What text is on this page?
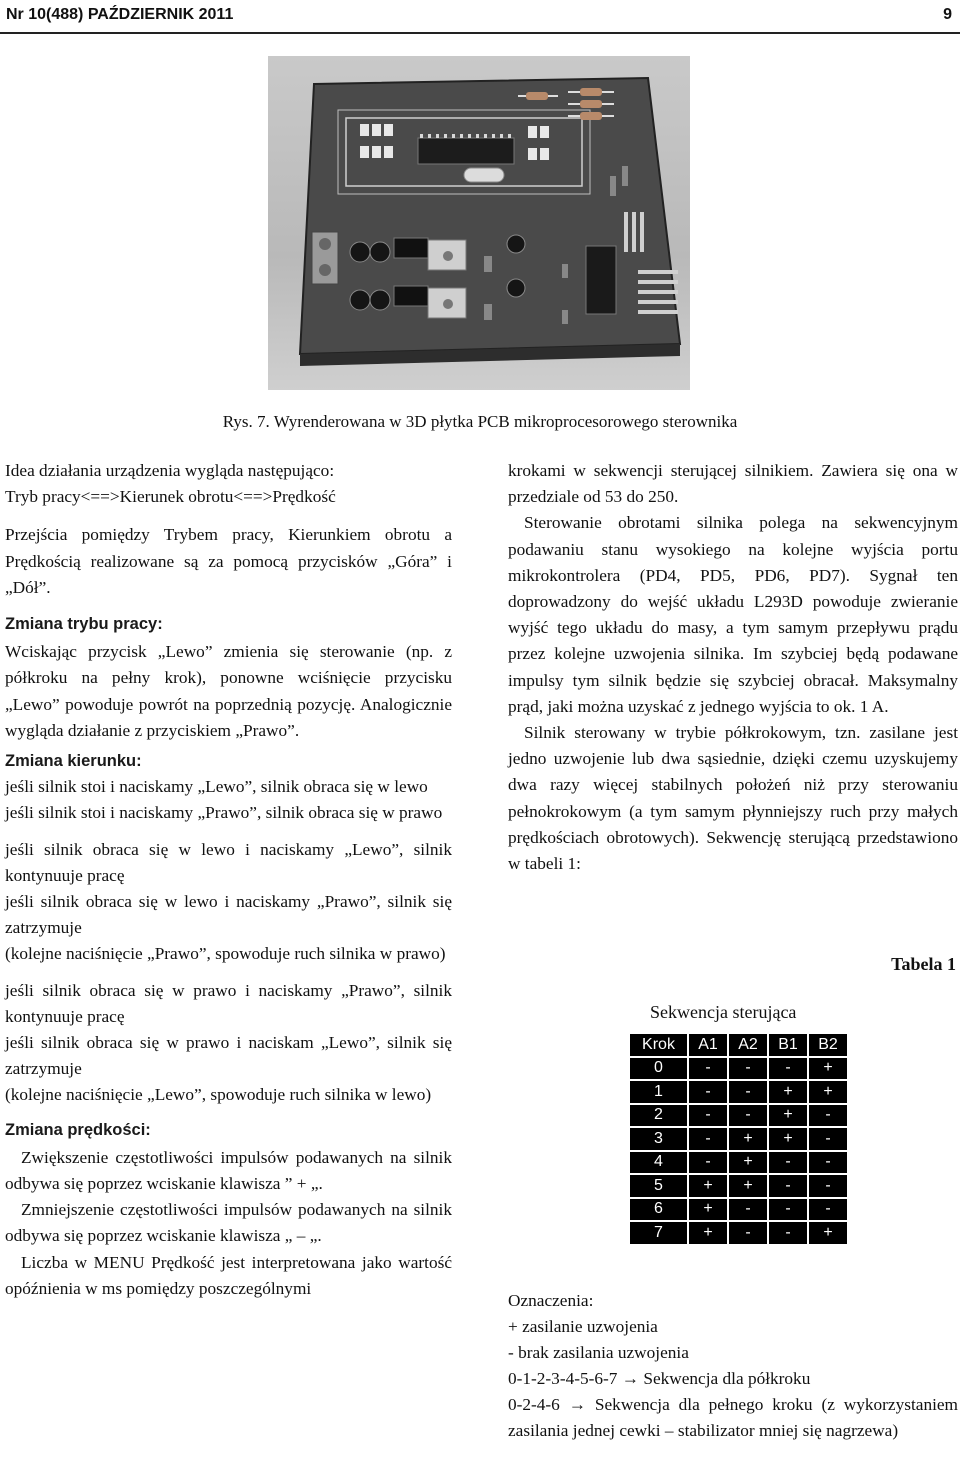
Nr 10(488) PAŹDZIERNIK 2011	9
Rys. 7. Wyrenderowana w 3D płytka PCB mikroprocesorowego sterownika

Idea działania urządzenia wygląda następująco:

Tryb pracy<==>Kierunek obrotu<==>Prędkość

Przejścia pomiędzy Trybem pracy, Kierunkiem obrotu a Prędkością realizowane są za pomocą przycisków „Góra” i „Dół”.

Zmiana trybu pracy:

Wciskając przycisk „Lewo” zmienia się sterowanie (np. z półkroku na pełny krok), ponowne wciśnięcie przycisku „Lewo” powoduje powrót na poprzednią pozycję. Analogicznie wygląda działanie z przyciskiem „Prawo”.

Zmiana kierunku:

jeśli silnik stoi i naciskamy „Lewo”, silnik obraca się w lewo

jeśli silnik stoi i naciskamy „Prawo”, silnik obraca się w prawo

jeśli silnik obraca się w lewo i naciskamy „Lewo”, silnik kontynuuje pracę

jeśli silnik obraca się w lewo i naciskamy „Prawo”, silnik się zatrzymuje

(kolejne naciśnięcie „Prawo”, spowoduje ruch silnika w prawo)

jeśli silnik obraca się w prawo i naciskamy „Prawo”, silnik kontynuuje pracę

jeśli silnik obraca się w prawo i naciskam „Lewo”, silnik się zatrzymuje

(kolejne naciśnięcie „Lewo”, spowoduje ruch silnika w lewo)

Zmiana prędkości:

Zwiększenie częstotliwości impulsów podawanych na silnik odbywa się poprzez wciskanie klawisza ” + „.

Zmniejszenie częstotliwości impulsów podawanych na silnik odbywa się poprzez wciskanie klawisza „ – „.

Liczba w MENU Prędkość jest interpretowana jako wartość opóźnienia w ms pomiędzy poszczególnymi

krokami w sekwencji sterującej silnikiem. Zawiera się ona w przedziale od 53 do 250.

Sterowanie obrotami silnika polega na sekwencyjnym podawaniu stanu wysokiego na kolejne wyjścia portu mikrokontrolera (PD4, PD5, PD6, PD7). Sygnał ten doprowadzony do wejść układu L293D powoduje zwieranie wyjść tego układu do masy, a tym samym przepływu prądu przez kolejne uzwojenia silnika. Im szybciej będą podawane impulsy tym silnik będzie się szybciej obracał. Maksymalny prąd, jaki można uzyskać z jednego wyjścia to ok. 1 A.

Silnik sterowany w trybie półkrokowym, tzn. zasilane jest jedno uzwojenie lub dwa sąsiednie, dzięki czemu uzyskujemy dwa razy więcej stabilnych położeń niż przy sterowaniu pełnokrokowym (a tym samym płynniejszy ruch przy małych prędkościach obrotowych). Sekwencję sterującą przedstawiono w tabeli 1:

Tabela 1
Sekwencja sterująca
Krok	A1	A2	B1	B2
0	-	-	-	+
1	-	-	+	+
2	-	-	+	-
3	-	+	+	-
4	-	+	-	-
5	+	+	-	-
6	+	-	-	-
7	+	-	-	+

Oznaczenia:

+ zasilanie uzwojenia

- brak zasilania uzwojenia

0-1-2-3-4-5-6-7 → Sekwencja dla półkroku

0-2-4-6 → Sekwencja dla pełnego kroku (z wykorzystaniem zasilania jednej cewki – stabilizator mniej się nagrzewa)
